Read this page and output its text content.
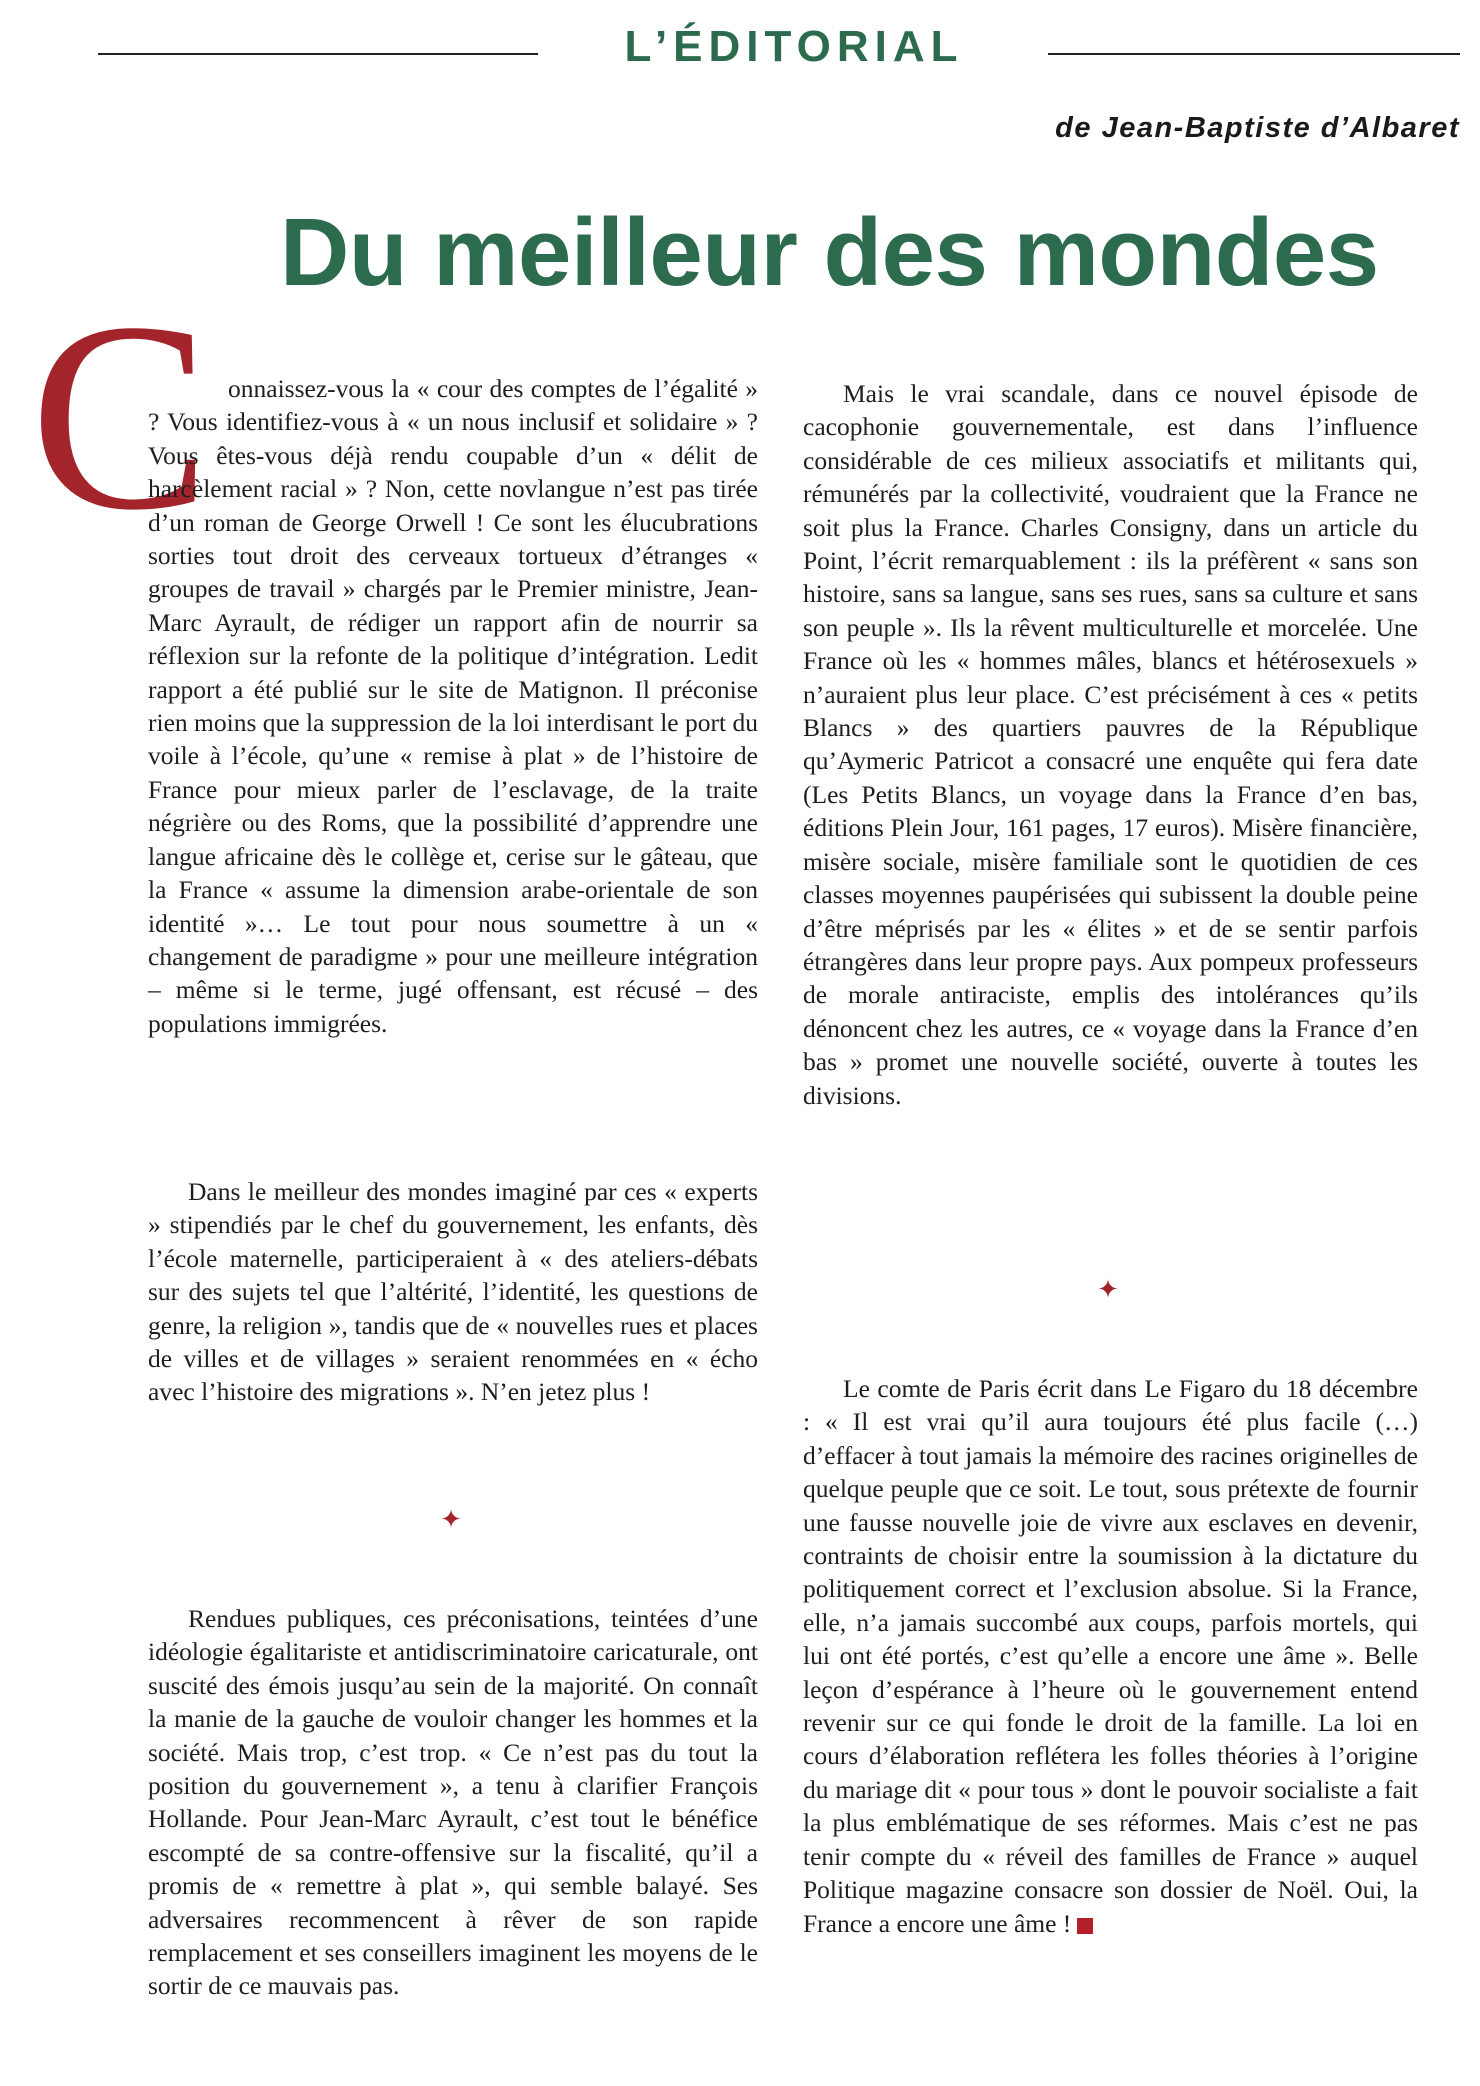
L’ÉDITORIAL
de Jean-Baptiste d’Albaret
Du meilleur des mondes
C onnaissez-vous la « cour des comptes de l’égalité » ? Vous identifiez-vous à « un nous inclusif et solidaire » ? Vous êtes-vous déjà rendu coupable d’un « délit de harcèlement racial » ? Non, cette novlangue n’est pas tirée d’un roman de George Orwell ! Ce sont les élucubrations sorties tout droit des cerveaux tortueux d’étranges « groupes de travail » chargés par le Premier ministre, Jean-Marc Ayrault, de rédiger un rapport afin de nourrir sa réflexion sur la refonte de la politique d’intégration. Ledit rapport a été publié sur le site de Matignon. Il préconise rien moins que la suppression de la loi interdisant le port du voile à l’école, qu’une « remise à plat » de l’histoire de France pour mieux parler de l’esclavage, de la traite négrière ou des Roms, que la possibilité d’apprendre une langue africaine dès le collège et, cerise sur le gâteau, que la France « assume la dimension arabe-orientale de son identité »… Le tout pour nous soumettre à un « changement de paradigme » pour une meilleure intégration – même si le terme, jugé offensant, est récusé – des populations immigrées.

Dans le meilleur des mondes imaginé par ces « experts » stipendiés par le chef du gouvernement, les enfants, dès l’école maternelle, participeraient à « des ateliers-débats sur des sujets tel que l’altérité, l’identité, les questions de genre, la religion », tandis que de « nouvelles rues et places de villes et de villages » seraient renommées en « écho avec l’histoire des migrations ». N’en jetez plus !

✦

Rendues publiques, ces préconisations, teintées d’une idéologie égalitariste et antidiscriminatoire caricaturale, ont suscité des émois jusqu’au sein de la majorité. On connaît la manie de la gauche de vouloir changer les hommes et la société. Mais trop, c’est trop. « Ce n’est pas du tout la position du gouvernement », a tenu à clarifier François Hollande. Pour Jean-Marc Ayrault, c’est tout le bénéfice escompté de sa contre-offensive sur la fiscalité, qu’il a promis de « remettre à plat », qui semble balayé. Ses adversaires recommencent à rêver de son rapide remplacement et ses conseillers imaginent les moyens de le sortir de ce mauvais pas.

Mais le vrai scandale, dans ce nouvel épisode de cacophonie gouvernementale, est dans l’influence considérable de ces milieux associatifs et militants qui, rémunérés par la collectivité, voudraient que la France ne soit plus la France. Charles Consigny, dans un article du Point, l’écrit remarquablement : ils la préfèrent « sans son histoire, sans sa langue, sans ses rues, sans sa culture et sans son peuple ». Ils la rêvent multiculturelle et morcelée. Une France où les « hommes mâles, blancs et hétérosexuels » n’auraient plus leur place. C’est précisément à ces « petits Blancs » des quartiers pauvres de la République qu’Aymeric Patricot a consacré une enquête qui fera date (Les Petits Blancs, un voyage dans la France d’en bas, éditions Plein Jour, 161 pages, 17 euros). Misère financière, misère sociale, misère familiale sont le quotidien de ces classes moyennes paupérisées qui subissent la double peine d’être méprisés par les « élites » et de se sentir parfois étrangères dans leur propre pays. Aux pompeux professeurs de morale antiraciste, emplis des intolérances qu’ils dénoncent chez les autres, ce « voyage dans la France d’en bas » promet une nouvelle société, ouverte à toutes les divisions.

✦

Le comte de Paris écrit dans Le Figaro du 18 décembre : « Il est vrai qu’il aura toujours été plus facile (…) d’effacer à tout jamais la mémoire des racines originelles de quelque peuple que ce soit. Le tout, sous prétexte de fournir une fausse nouvelle joie de vivre aux esclaves en devenir, contraints de choisir entre la soumission à la dictature du politiquement correct et l’exclusion absolue. Si la France, elle, n’a jamais succombé aux coups, parfois mortels, qui lui ont été portés, c’est qu’elle a encore une âme ». Belle leçon d’espérance à l’heure où le gouvernement entend revenir sur ce qui fonde le droit de la famille. La loi en cours d’élaboration reflétera les folles théories à l’origine du mariage dit « pour tous » dont le pouvoir socialiste a fait la plus emblématique de ses réformes. Mais c’est ne pas tenir compte du « réveil des familles de France » auquel Politique magazine consacre son dossier de Noël. Oui, la France a encore une âme !
